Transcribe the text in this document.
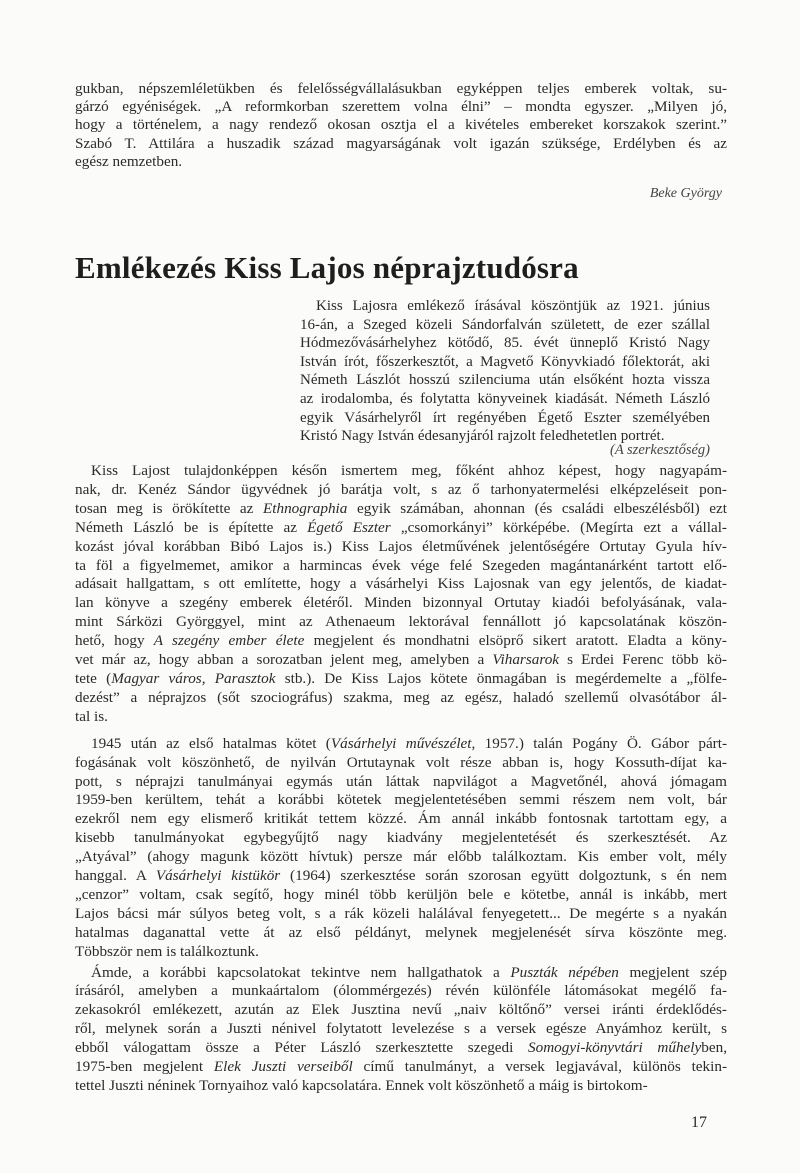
gukban, népszemléletükben és felelősségvállalásukban egyképpen teljes emberek voltak, su-
gárzó egyéniségek. „A reformkorban szerettem volna élni” – mondta egyszer. „Milyen jó,
hogy a történelem, a nagy rendező okosan osztja el a kivételes embereket korszakok szerint.”
Szabó T. Attilára a huszadik század magyarságának volt igazán szüksége, Erdélyben és az
egész nemzetben.
Beke György
Emlékezés Kiss Lajos néprajztudósra
Kiss Lajosra emlékező írásával köszöntjük az 1921. június
16-án, a Szeged közeli Sándorfalván született, de ezer szállal
Hódmezővásárhelyhez kötődő, 85. évét ünneplő Kristó Nagy
István írót, főszerkesztőt, a Magvető Könyvkiadó főlektorát, aki
Németh Lászlót hosszú szilenciuma után elsőként hozta vissza
az irodalomba, és folytatta könyveinek kiadását. Németh László
egyik Vásárhelyről írt regényében Égető Eszter személyében
Kristó Nagy István édesanyjáról rajzolt feledhetetlen portrét.
(A szerkesztőség)
Kiss Lajost tulajdonképpen későn ismertem meg, főként ahhoz képest, hogy nagyapám-
nak, dr. Kenéz Sándor ügyvédnek jó barátja volt, s az ő tarhonyatermelési elképzeléseit pon-
tosan meg is örökítette az Ethnographia egyik számában, ahonnan (és családi elbeszélésből) ezt
Németh László be is építette az Égető Eszter „csomorkányi” körképébe. (Megírta ezt a vállal-
kozást jóval korábban Bibó Lajos is.) Kiss Lajos életművének jelentőségére Ortutay Gyula hív-
ta föl a figyelmemet, amikor a harmincas évek vége felé Szegeden magántanárként tartott elő-
adásait hallgattam, s ott említette, hogy a vásárhelyi Kiss Lajosnak van egy jelentős, de kiadat-
lan könyve a szegény emberek életéről. Minden bizonnyal Ortutay kiadói befolyásának, vala-
mint Sárközi Györggyel, mint az Athenaeum lektorával fennállott jó kapcsolatának köszön-
hető, hogy A szegény ember élete megjelent és mondhatni elsöprő sikert aratott. Eladta a köny-
vet már az, hogy abban a sorozatban jelent meg, amelyben a Viharsarok s Erdei Ferenc több kö-
tete (Magyar város, Parasztok stb.). De Kiss Lajos kötete önmagában is megérdemelte a „fölfe-
dezést” a néprajzos (sőt szociográfus) szakma, meg az egész, haladó szellemű olvasótábor ál-
tal is.
1945 után az első hatalmas kötet (Vásárhelyi művészélet, 1957.) talán Pogány Ö. Gábor párt-
fogásának volt köszönhető, de nyilván Ortutaynak volt része abban is, hogy Kossuth-díjat ka-
pott, s néprajzi tanulmányai egymás után láttak napvilágot a Magvetőnél, ahová jómagam
1959-ben kerültem, tehát a korábbi kötetek megjelentetésében semmi részem nem volt, bár
ezekről nem egy elismerő kritikát tettem közzé. Ám annál inkább fontosnak tartottam egy, a
kisebb tanulmányokat egybegyűjtő nagy kiadvány megjelentetését és szerkesztését. Az
„Atyával” (ahogy magunk között hívtuk) persze már előbb találkoztam. Kis ember volt, mély
hanggal. A Vásárhelyi kistükör (1964) szerkesztése során szorosan együtt dolgoztunk, s én nem
„cenzor” voltam, csak segítő, hogy minél több kerüljön bele e kötetbe, annál is inkább, mert
Lajos bácsi már súlyos beteg volt, s a rák közeli halálával fenyegetett... De megérte s a nyakán
hatalmas daganattal vette át az első példányt, melynek megjelenését sírva köszönte meg.
Többször nem is találkoztunk.
Ámde, a korábbi kapcsolatokat tekintve nem hallgathatok a Puszták népében megjelent szép
írásáról, amelyben a munkaártalom (ólommérgezés) révén különféle látomásokat megélő fa-
zekasokról emlékezett, azután az Elek Jusztina nevű „naiv költőnő” versei iránti érdeklődés-
ről, melynek során a Juszti nénivel folytatott levelezése s a versek egésze Anyámhoz került, s
ebből válogattam össze a Péter László szerkesztette szegedi Somogyi-könyvtári műhelyben,
1975-ben megjelent Elek Juszti verseiből című tanulmányt, a versek legjavával, különös tekin-
tettel Juszti néninek Tornyaihoz való kapcsolatára. Ennek volt köszönhető a máig is birtokom-
17
